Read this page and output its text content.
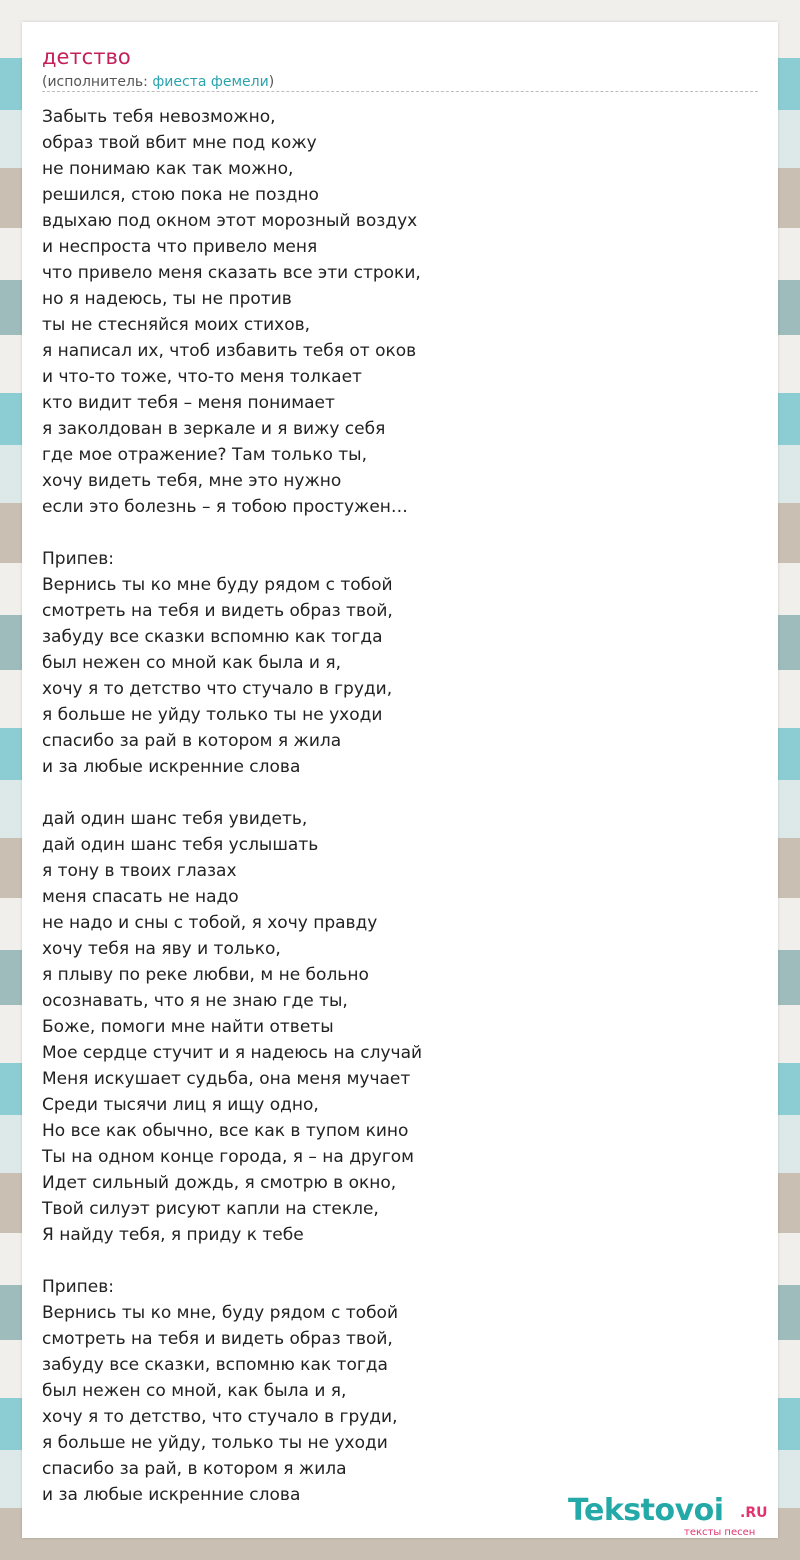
детство
(исполнитель: фиеста фемели)
Забыть тебя невозможно,
образ твой вбит мне под кожу
не понимаю как так можно,
решился, стою пока не поздно
вдыхаю под окном этот морозный воздух
и неспроста что привело меня
что привело меня сказать все эти строки,
но я надеюсь, ты не против
ты не стесняйся моих стихов,
я написал их, чтоб избавить тебя от оков
и что-то тоже, что-то меня толкает
кто видит тебя – меня понимает
я заколдован в зеркале и я вижу себя
где мое отражение? Там только ты,
хочу видеть тебя, мне это нужно
если это болезнь – я тобою простужен…

Припев:
Вернись ты ко мне буду рядом с тобой
смотреть на тебя и видеть образ твой,
забуду все сказки вспомню как тогда
был нежен со мной как была и я,
хочу я то детство что стучало в груди,
я больше не уйду только ты не уходи
спасибо за рай в котором я жила
и за любые искренние слова

дай один шанс тебя увидеть,
дай один шанс тебя услышать
я тону в твоих глазах
меня спасать не надо
не надо и сны с тобой, я хочу правду
хочу тебя на яву и только,
я плыву по реке любви, м не больно
осознавать, что я не знаю где ты,
Боже, помоги мне найти ответы
Мое сердце стучит и я надеюсь на случай
Меня искушает судьба, она меня мучает
Среди тысячи лиц я ищу одно,
Но все как обычно, все как в тупом кино
Ты на одном конце города, я – на другом
Идет сильный дождь, я смотрю в окно,
Твой силуэт рисуют капли на стекле,
Я найду тебя, я приду к тебе

Припев:
Вернись ты ко мне, буду рядом с тобой
смотреть на тебя и видеть образ твой,
забуду все сказки, вспомню как тогда
был нежен со мной, как была и я,
хочу я то детство, что стучало в груди,
я больше не уйду, только ты не уходи
спасибо за рай, в котором я жила
и за любые искренние слова	Tekstovoi .RU
тексты песен
